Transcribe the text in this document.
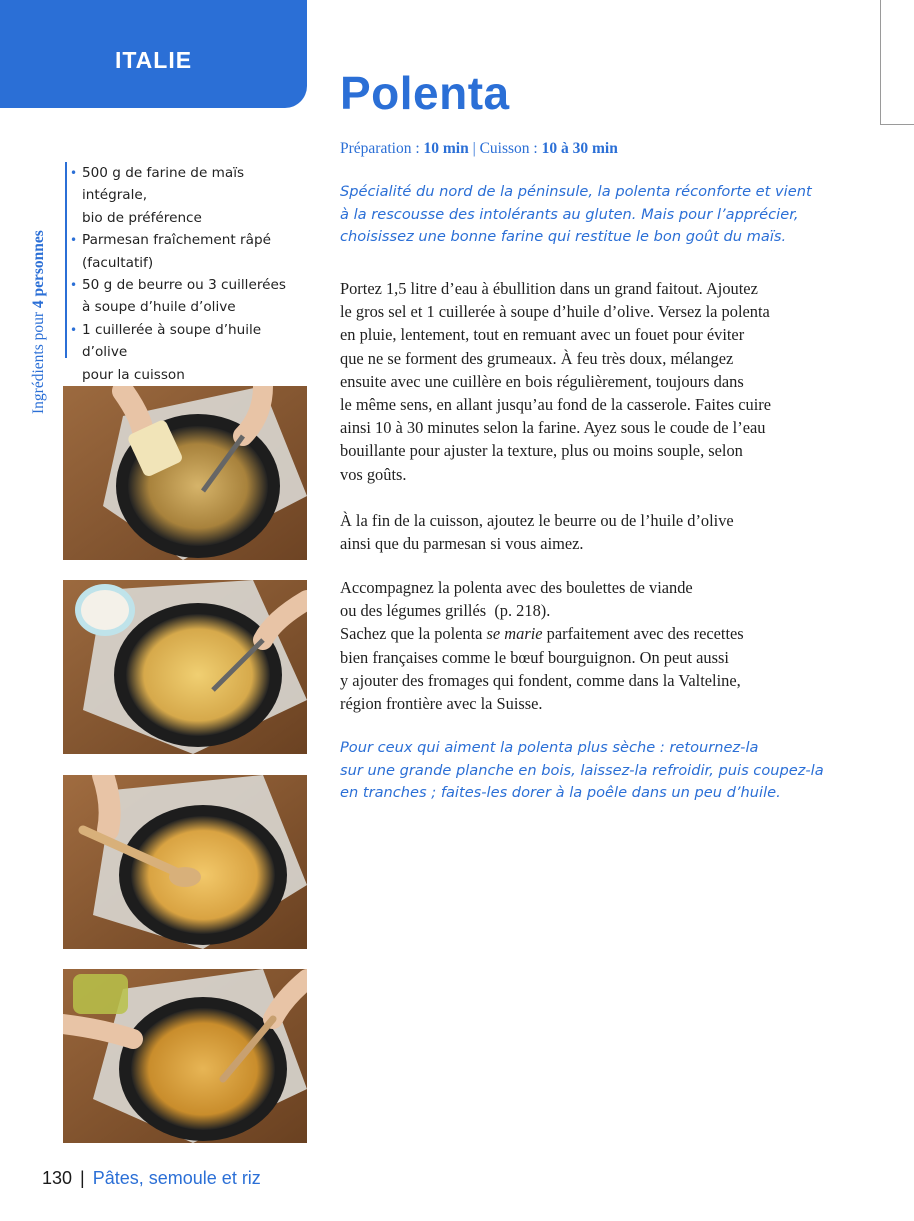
ITALIE
Polenta
Préparation : 10 min | Cuisson : 10 à 30 min

Spécialité du nord de la péninsule, la polenta réconforte et vient
à la rescousse des intolérants au gluten. Mais pour l’apprécier,
choisissez une bonne farine qui restitue le bon goût du maïs.

Ingrédients pour 4 personnes
• 500 g de farine de maïs intégrale,
bio de préférence
• Parmesan fraîchement râpé
(facultatif)
• 50 g de beurre ou 3 cuillerées
à soupe d’huile d’olive
• 1 cuillerée à soupe d’huile d’olive
pour la cuisson

Portez 1,5 litre d’eau à ébullition dans un grand faitout. Ajoutez
le gros sel et 1 cuillerée à soupe d’huile d’olive. Versez la polenta
en pluie, lentement, tout en remuant avec un fouet pour éviter
que ne se forment des grumeaux. À feu très doux, mélangez
ensuite avec une cuillère en bois régulièrement, toujours dans
le même sens, en allant jusqu’au fond de la casserole. Faites cuire
ainsi 10 à 30 minutes selon la farine. Ayez sous le coude de l’eau
bouillante pour ajuster la texture, plus ou moins souple, selon
vos goûts.

À la fin de la cuisson, ajoutez le beurre ou de l’huile d’olive
ainsi que du parmesan si vous aimez.

Accompagnez la polenta avec des boulettes de viande
ou des légumes grillés  (p. 218).
Sachez que la polenta se marie parfaitement avec des recettes
bien françaises comme le bœuf bourguignon. On peut aussi
y ajouter des fromages qui fondent, comme dans la Valteline,
région frontière avec la Suisse.

Pour ceux qui aiment la polenta plus sèche : retournez-la
sur une grande planche en bois, laissez-la refroidir, puis coupez-la
en tranches ; faites-les dorer à la poêle dans un peu d’huile.

130 | Pâtes, semoule et riz
